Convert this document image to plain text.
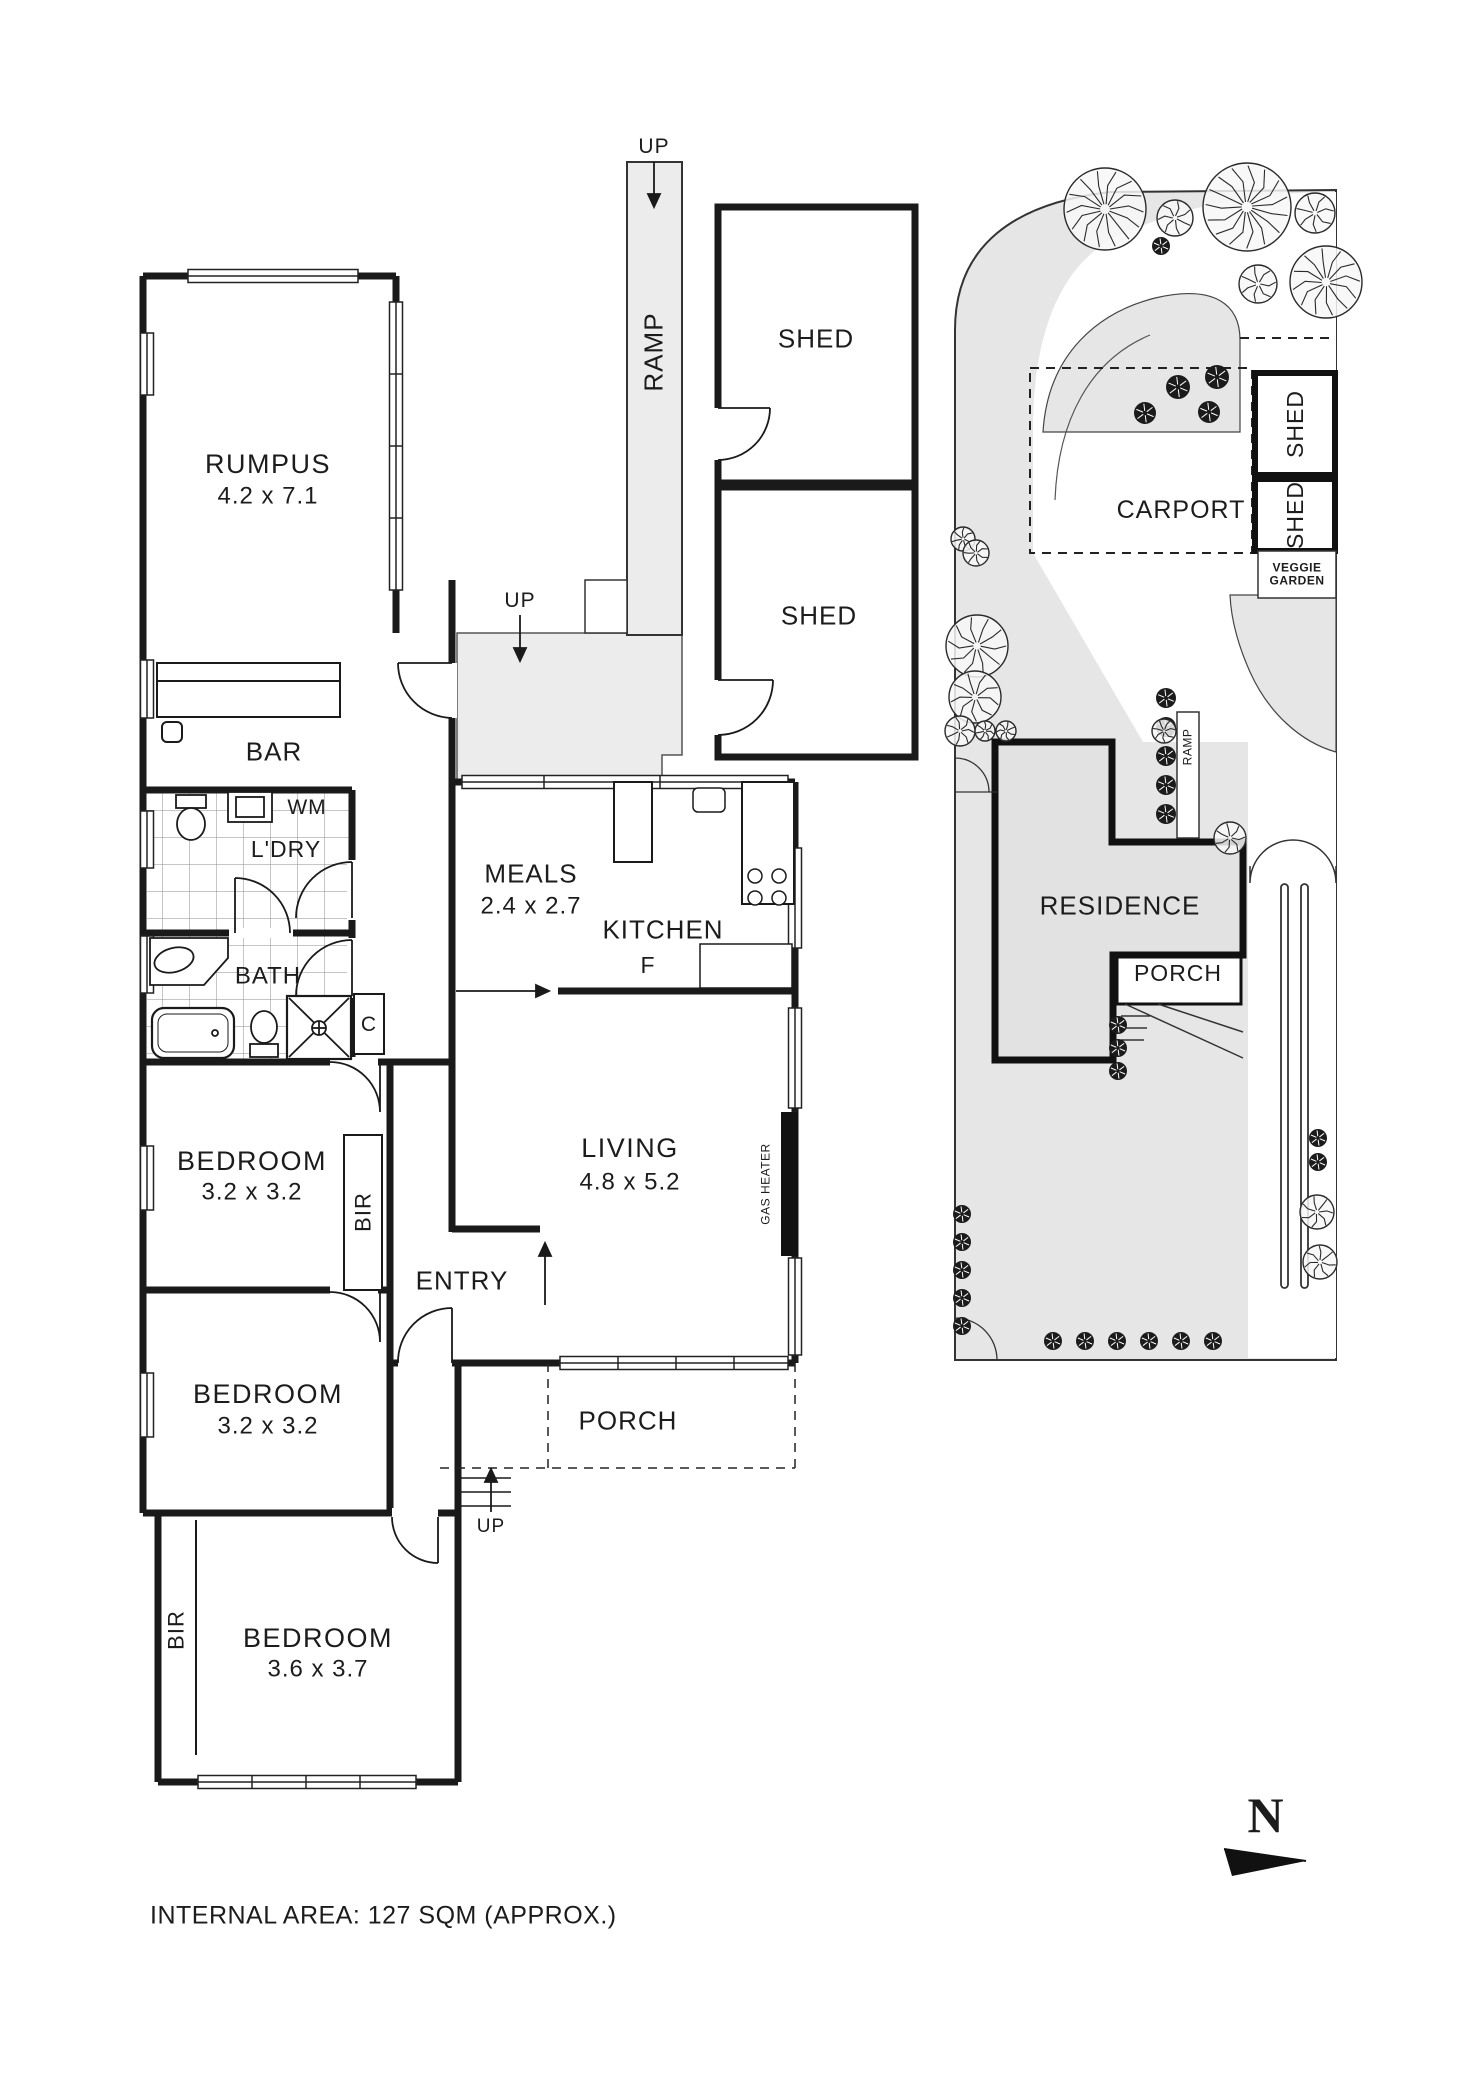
RUMPUS
4.2 x 7.1
UP
RAMP	SHED
SHED
UP
BAR
WM
L'DRY
BATH
C
MEALS
2.4 x 2.7
KITCHEN
F
LIVING
4.8 x 5.2	GAS HEATER
ENTRY
PORCH
UP
BEDROOM
3.2 x 3.2
BIR
BEDROOM
3.2 x 3.2
BEDROOM
3.6 x 3.7
BIR
CARPORT
SHED
SHED
VEGGIE GARDEN
RAMP
RESIDENCE
PORCH
N
INTERNAL AREA: 127 SQM (APPROX.)
